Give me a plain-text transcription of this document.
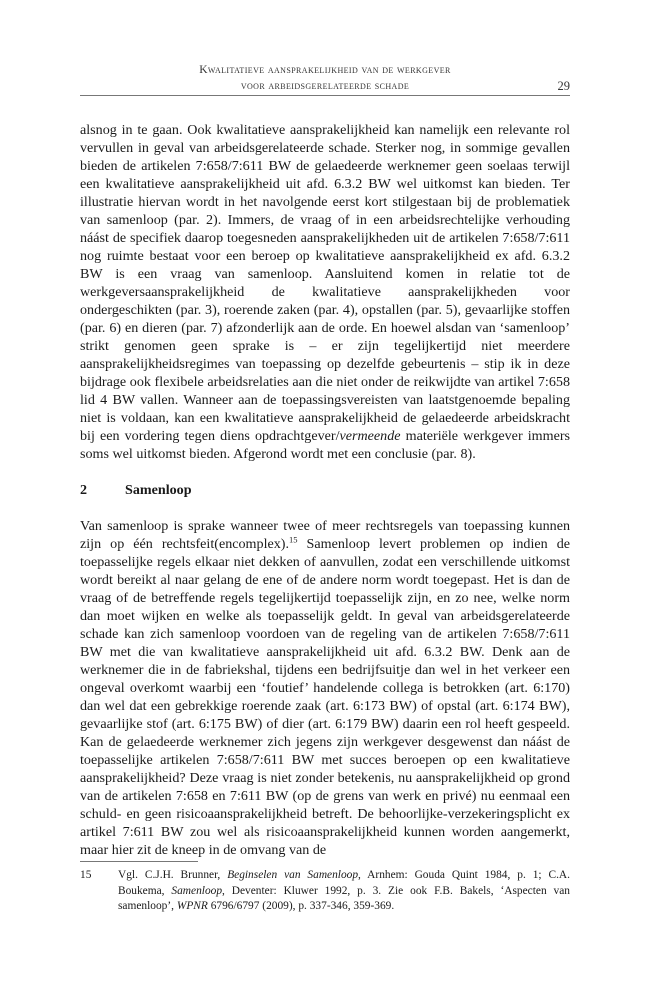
Kwalitatieve aansprakelijkheid van de werkgever
voor arbeidsgerelateerde schade	29

alsnog in te gaan. Ook kwalitatieve aansprakelijkheid kan namelijk een relevante rol vervullen in geval van arbeidsgerelateerde schade. Sterker nog, in sommige gevallen bieden de artikelen 7:658/7:611 BW de gelaedeerde werknemer geen soelaas terwijl een kwalitatieve aansprakelijkheid uit afd. 6.3.2 BW wel uitkomst kan bieden. Ter illustratie hiervan wordt in het navolgende eerst kort stilgestaan bij de problematiek van samenloop (par. 2). Immers, de vraag of in een arbeidsrechtelijke verhouding náást de specifiek daarop toegesneden aansprakelijkheden uit de artikelen 7:658/7:611 nog ruimte bestaat voor een beroep op kwalitatieve aansprakelijkheid ex afd. 6.3.2 BW is een vraag van samenloop. Aansluitend komen in relatie tot de werkgeversaansprakelijkheid de kwalitatieve aansprakelijkheden voor ondergeschikten (par. 3), roerende zaken (par. 4), opstallen (par. 5), gevaarlijke stoffen (par. 6) en dieren (par. 7) afzonderlijk aan de orde. En hoewel alsdan van ‘samenloop’ strikt genomen geen sprake is – er zijn tegelijkertijd niet meerdere aansprakelijkheidsregimes van toepassing op dezelfde gebeurtenis – stip ik in deze bijdrage ook flexibele arbeidsrelaties aan die niet onder de reikwijdte van artikel 7:658 lid 4 BW vallen. Wanneer aan de toepassingsvereisten van laatstgenoemde bepaling niet is voldaan, kan een kwalitatieve aansprakelijkheid de gelaedeerde arbeidskracht bij een vordering tegen diens opdrachtgever/vermeende materiële werkgever immers soms wel uitkomst bieden. Afgerond wordt met een conclusie (par. 8).

2	Samenloop

Van samenloop is sprake wanneer twee of meer rechtsregels van toepassing kunnen zijn op één rechtsfeit(encomplex).$^{15}$ Samenloop levert problemen op indien de toepasselijke regels elkaar niet dekken of aanvullen, zodat een verschillende uitkomst wordt bereikt al naar gelang de ene of de andere norm wordt toegepast. Het is dan de vraag of de betreffende regels tegelijkertijd toepasselijk zijn, en zo nee, welke norm dan moet wijken en welke als toepasselijk geldt. In geval van arbeidsgerelateerde schade kan zich samenloop voordoen van de regeling van de artikelen 7:658/7:611 BW met die van kwalitatieve aansprakelijkheid uit afd. 6.3.2 BW. Denk aan de werknemer die in de fabriekshal, tijdens een bedrijfsuitje dan wel in het verkeer een ongeval overkomt waarbij een ‘foutief’ handelende collega is betrokken (art. 6:170) dan wel dat een gebrekkige roerende zaak (art. 6:173 BW) of opstal (art. 6:174 BW), gevaarlijke stof (art. 6:175 BW) of dier (art. 6:179 BW) daarin een rol heeft gespeeld. Kan de gelaedeerde werknemer zich jegens zijn werkgever desgewenst dan náást de toepasselijke artikelen 7:658/7:611 BW met succes beroepen op een kwalitatieve aansprakelijkheid? Deze vraag is niet zonder betekenis, nu aansprakelijkheid op grond van de artikelen 7:658 en 7:611 BW (op de grens van werk en privé) nu eenmaal een schuld- en geen risicoaansprakelijkheid betreft. De behoorlijke-verzekeringsplicht ex artikel 7:611 BW zou wel als risicoaansprakelijkheid kunnen worden aangemerkt, maar hier zit de kneep in de omvang van de

15	Vgl. C.J.H. Brunner, Beginselen van Samenloop, Arnhem: Gouda Quint 1984, p. 1; C.A. Boukema, Samenloop, Deventer: Kluwer 1992, p. 3. Zie ook F.B. Bakels, ‘Aspecten van samenloop’, WPNR 6796/6797 (2009), p. 337-346, 359-369.
